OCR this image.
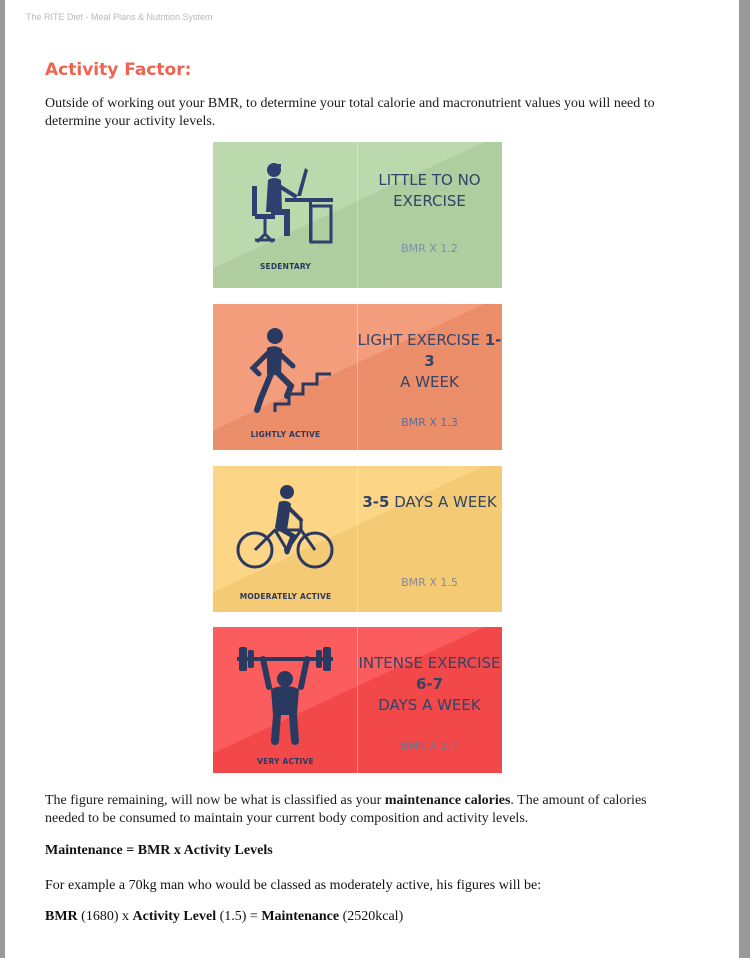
The RITE Diet - Meal Plans & Nutrition System
Activity Factor:
Outside of working out your BMR, to determine your total calorie and macronutrient values you will need to determine your activity levels.
SEDENTARY
LITTLE TO NO EXERCISE
BMR X 1.2
LIGHTLY ACTIVE
LIGHT EXERCISE 1-3
A WEEK
BMR X 1.3
MODERATELY ACTIVE
3-5 DAYS A WEEK
BMR X 1.5
VERY ACTIVE
INTENSE EXERCISE 6-7
DAYS A WEEK
BMR X 1.7
The figure remaining, will now be what is classified as your maintenance calories. The amount of calories needed to be consumed to maintain your current body composition and activity levels.
Maintenance = BMR x Activity Levels
For example a 70kg man who would be classed as moderately active, his figures will be:
BMR (1680) x Activity Level (1.5) = Maintenance (2520kcal)
